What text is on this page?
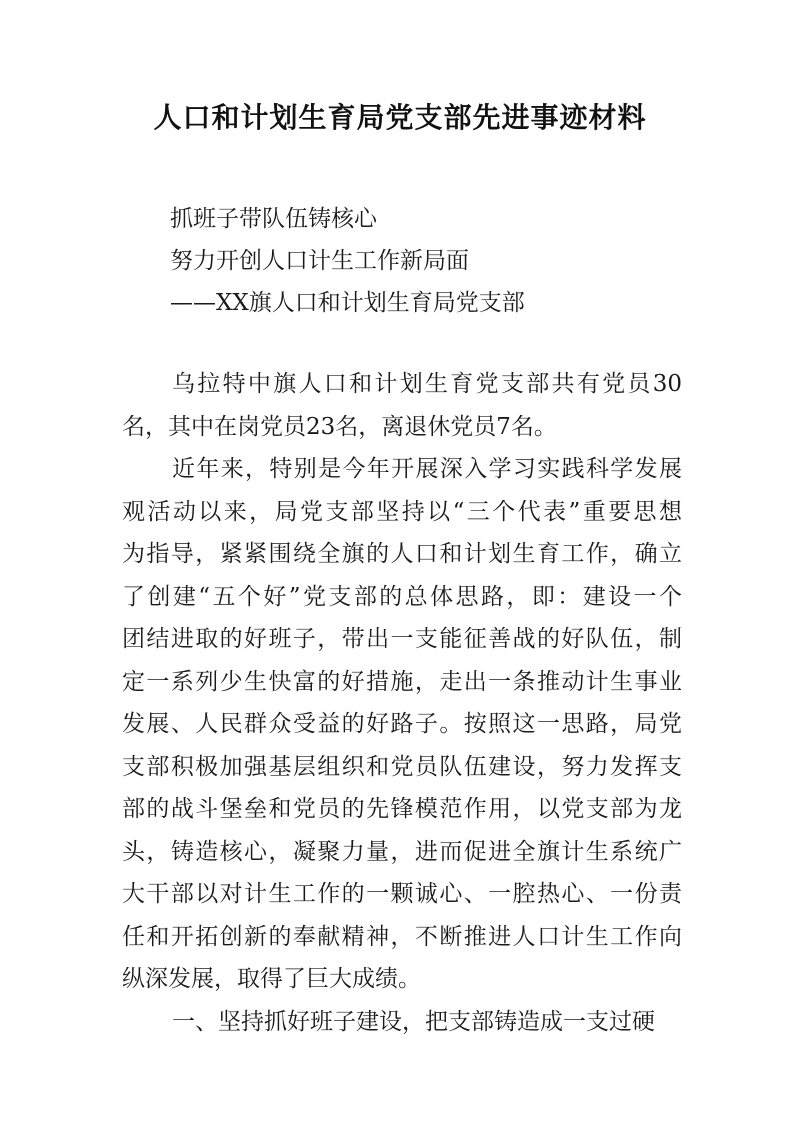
人口和计划生育局党支部先进事迹材料
抓班子带队伍铸核心
努力开创人口计生工作新局面
——XX旗人口和计划生育局党支部
乌拉特中旗人口和计划生育党支部共有党员30
名，其中在岗党员23名，离退休党员7名。
近年来，特别是今年开展深入学习实践科学发展
观活动以来，局党支部坚持以“三个代表”重要思想
为指导，紧紧围绕全旗的人口和计划生育工作，确立
了创建“五个好”党支部的总体思路，即：建设一个
团结进取的好班子，带出一支能征善战的好队伍，制
定一系列少生快富的好措施，走出一条推动计生事业
发展、人民群众受益的好路子。按照这一思路，局党
支部积极加强基层组织和党员队伍建设，努力发挥支
部的战斗堡垒和党员的先锋模范作用，以党支部为龙
头，铸造核心，凝聚力量，进而促进全旗计生系统广
大干部以对计生工作的一颗诚心、一腔热心、一份责
任和开拓创新的奉献精神，不断推进人口计生工作向
纵深发展，取得了巨大成绩。
一、坚持抓好班子建设，把支部铸造成一支过硬
